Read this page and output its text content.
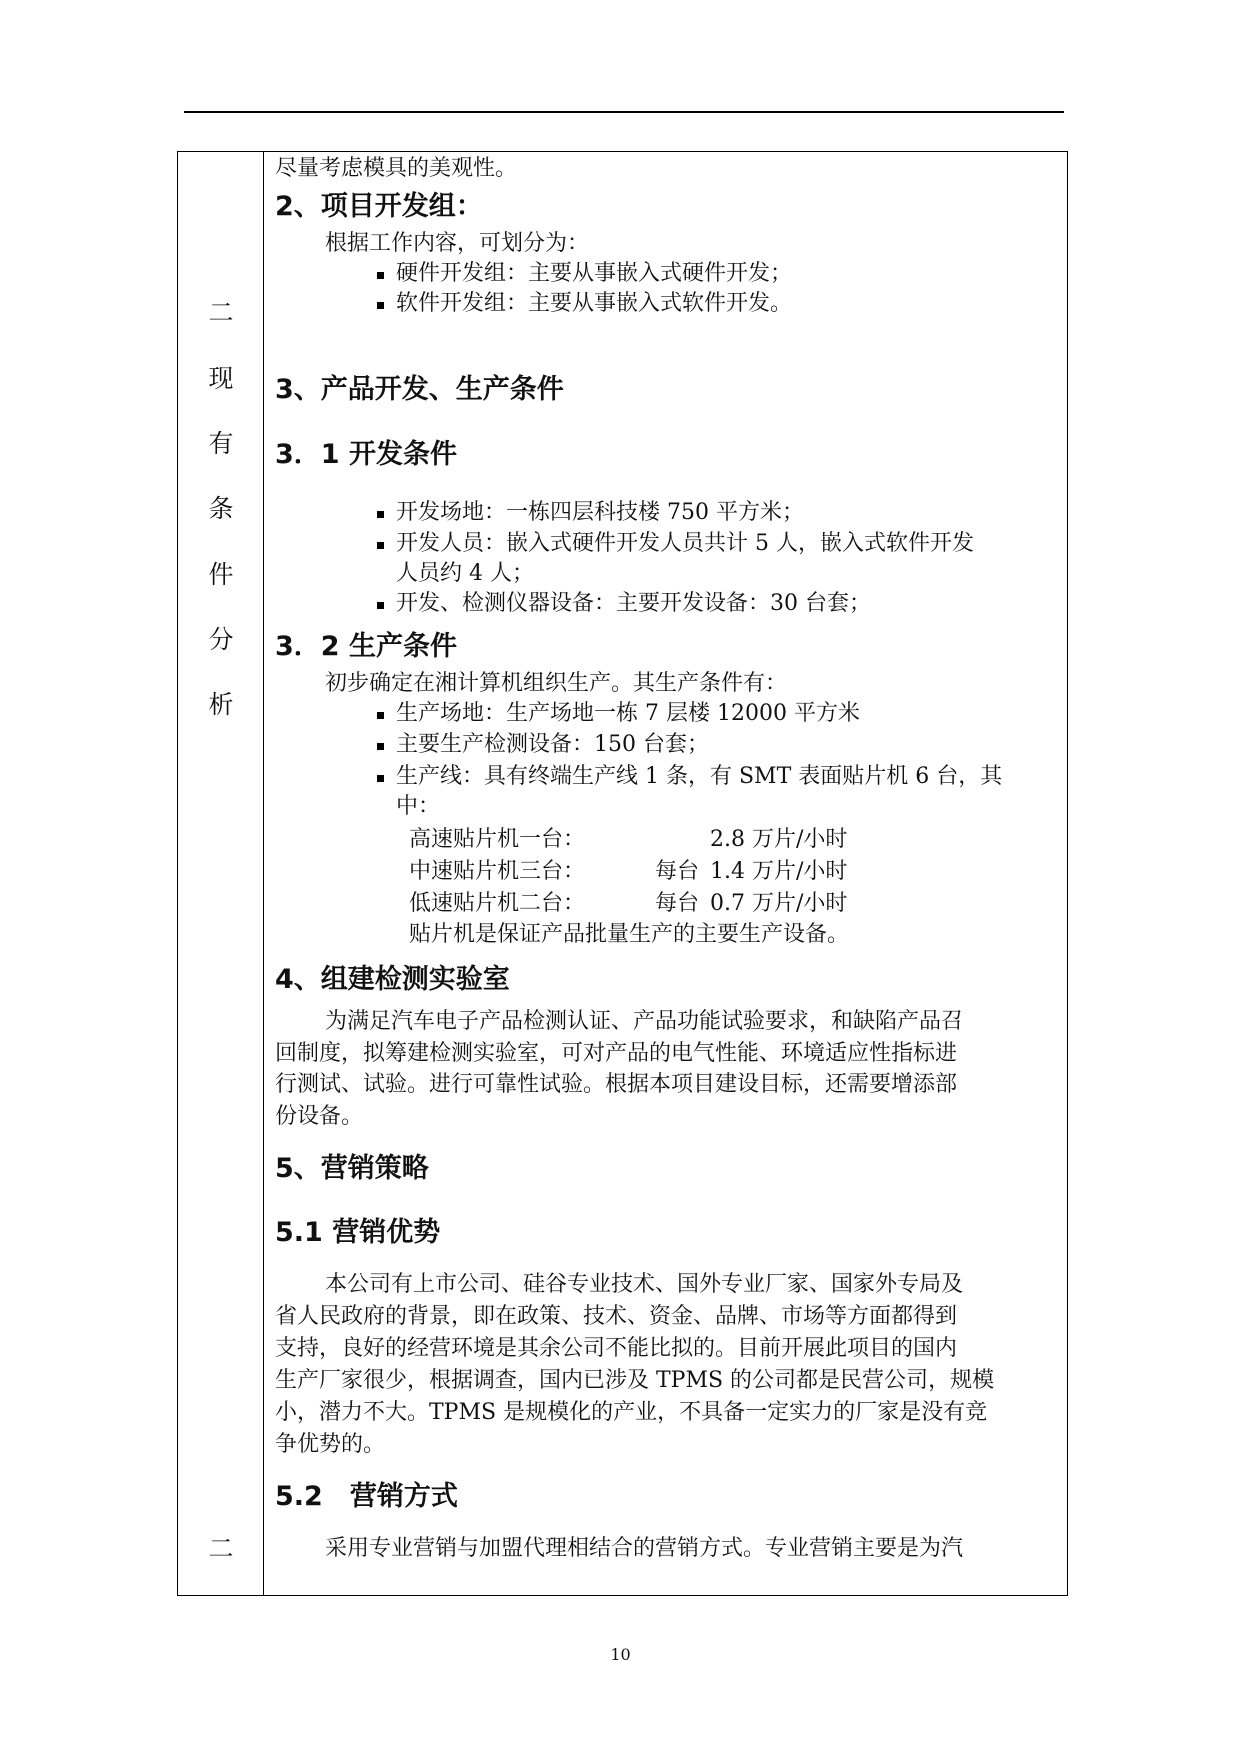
二
现
有
条
件
分
析
二
尽量考虑模具的美观性。
2、项目开发组：
根据工作内容，可划分为：
硬件开发组：主要从事嵌入式硬件开发；
软件开发组：主要从事嵌入式软件开发。
3、产品开发、生产条件
3．1 开发条件
开发场地：一栋四层科技楼 750 平方米；
开发人员：嵌入式硬件开发人员共计 5 人，嵌入式软件开发
人员约 4 人；
开发、检测仪器设备：主要开发设备：30 台套；
3．2 生产条件
初步确定在湘计算机组织生产。其生产条件有：
生产场地：生产场地一栋 7 层楼 12000 平方米
主要生产检测设备：150 台套；
生产线：具有终端生产线 1 条，有 SMT 表面贴片机 6 台，其
中：
高速贴片机一台：	2.8 万片/小时
中速贴片机三台：	每台 1.4 万片/小时
低速贴片机二台：	每台 0.7 万片/小时
贴片机是保证产品批量生产的主要生产设备。
4、组建检测实验室
为满足汽车电子产品检测认证、产品功能试验要求，和缺陷产品召
回制度，拟筹建检测实验室，可对产品的电气性能、环境适应性指标进
行测试、试验。进行可靠性试验。根据本项目建设目标，还需要增添部
份设备。
5、营销策略
5.1 营销优势
本公司有上市公司、硅谷专业技术、国外专业厂家、国家外专局及
省人民政府的背景，即在政策、技术、资金、品牌、市场等方面都得到
支持，良好的经营环境是其余公司不能比拟的。目前开展此项目的国内
生产厂家很少，根据调查，国内已涉及 TPMS 的公司都是民营公司，规模
小，潜力不大。TPMS 是规模化的产业，不具备一定实力的厂家是没有竞
争优势的。
5.2　营销方式
采用专业营销与加盟代理相结合的营销方式。专业营销主要是为汽
10
